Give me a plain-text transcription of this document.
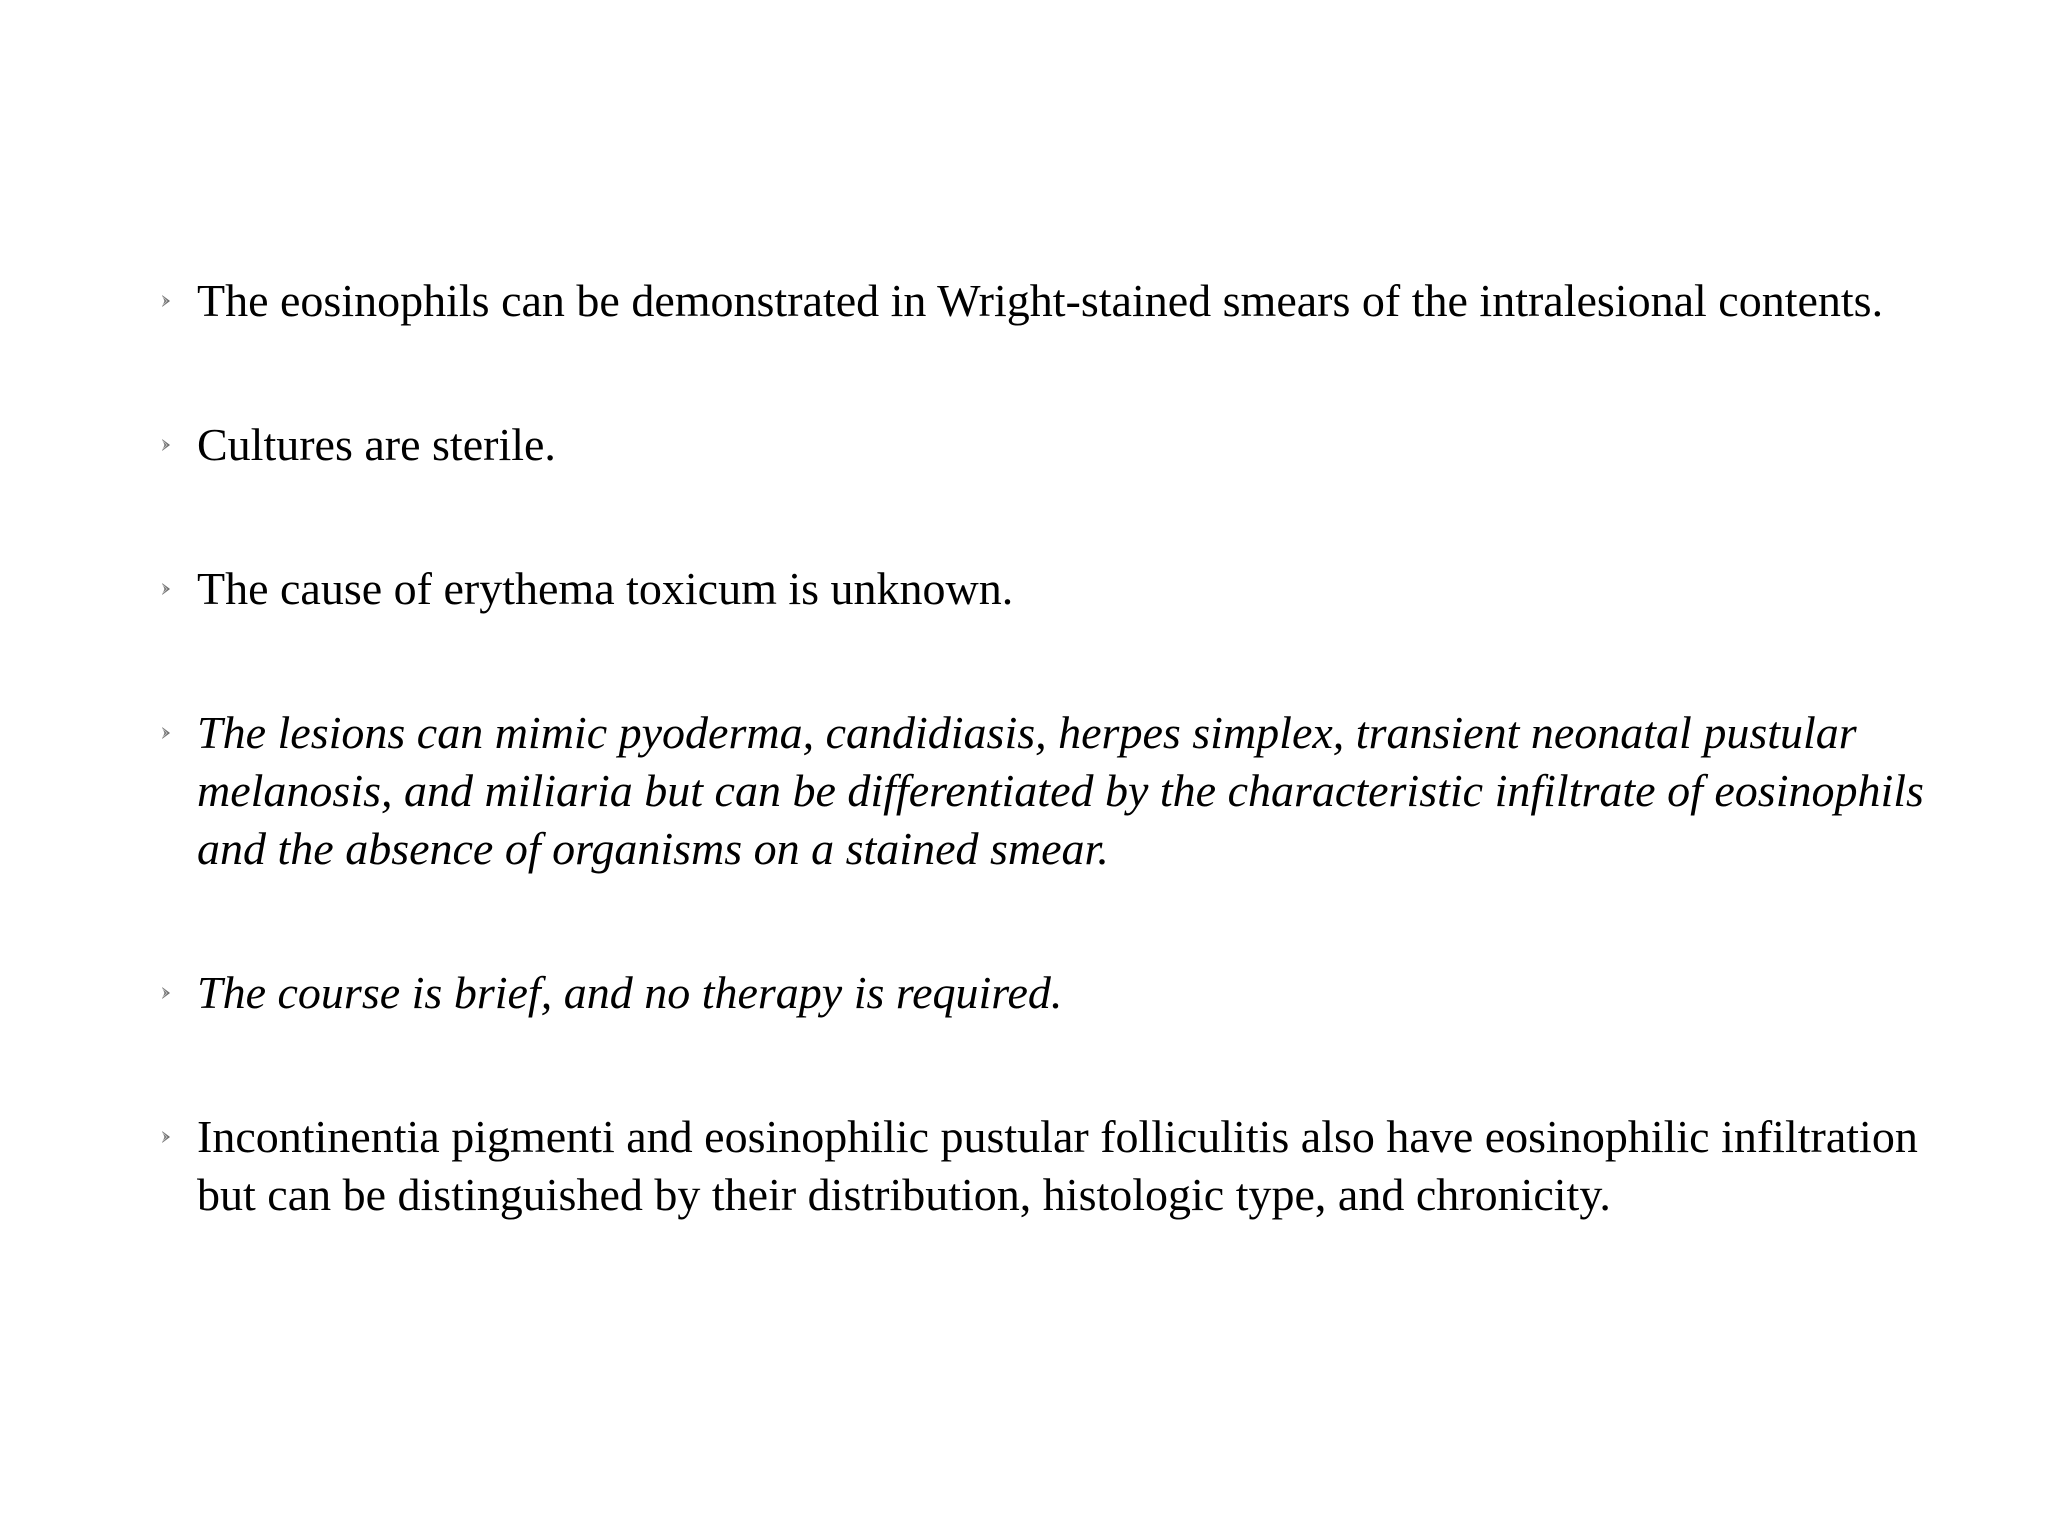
The eosinophils can be demonstrated in Wright-stained smears of the intralesional contents.
Cultures are sterile.
The cause of erythema toxicum is unknown.
The lesions can mimic pyoderma, candidiasis, herpes simplex, transient neonatal pustular melanosis, and miliaria but can be differentiated by the characteristic infiltrate of eosinophils and the absence of organisms on a stained smear.
The course is brief, and no therapy is required.
Incontinentia pigmenti and eosinophilic pustular folliculitis also have eosinophilic infiltration but can be distinguished by their distribution, histologic type, and chronicity.
